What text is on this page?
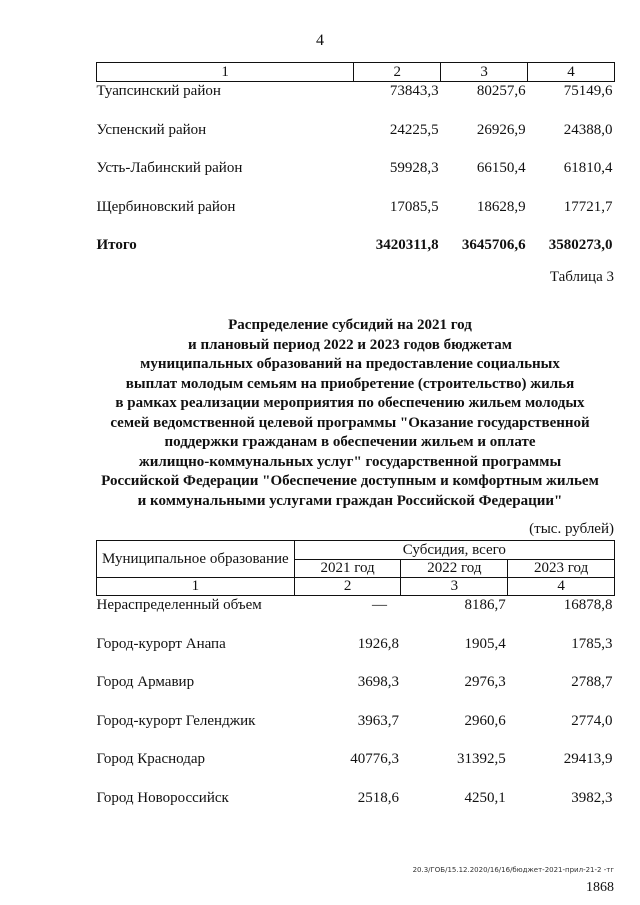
4
1	2	3	4
Туапсинский район	73843,3	80257,6	75149,6
Успенский район	24225,5	26926,9	24388,0
Усть-Лабинский район	59928,3	66150,4	61810,4
Щербиновский район	17085,5	18628,9	17721,7
Итого	3420311,8	3645706,6	3580273,0
Таблица 3
Распределение субсидий на 2021 год
и плановый период 2022 и 2023 годов бюджетам
муниципальных образований на предоставление социальных
выплат молодым семьям на приобретение (строительство) жилья
в рамках реализации мероприятия по обеспечению жильем молодых
семей ведомственной целевой программы "Оказание государственной
поддержки гражданам в обеспечении жильем и оплате
жилищно-коммунальных услуг" государственной программы
Российской Федерации "Обеспечение доступным и комфортным жильем
и коммунальными услугами граждан Российской Федерации"
(тыс. рублей)
Муниципальное образование	Субсидия, всего		
	2021 год	2022 год	2023 год
1	2	3	4
Нераспределенный объем	—	8186,7	16878,8
Город-курорт Анапа	1926,8	1905,4	1785,3
Город Армавир	3698,3	2976,3	2788,7
Город-курорт Геленджик	3963,7	2960,6	2774,0
Город Краснодар	40776,3	31392,5	29413,9
Город Новороссийск	2518,6	4250,1	3982,3
20.3/ГОБ/15.12.2020/16/16/бюджет-2021-прил-21-2 -тг
1868
